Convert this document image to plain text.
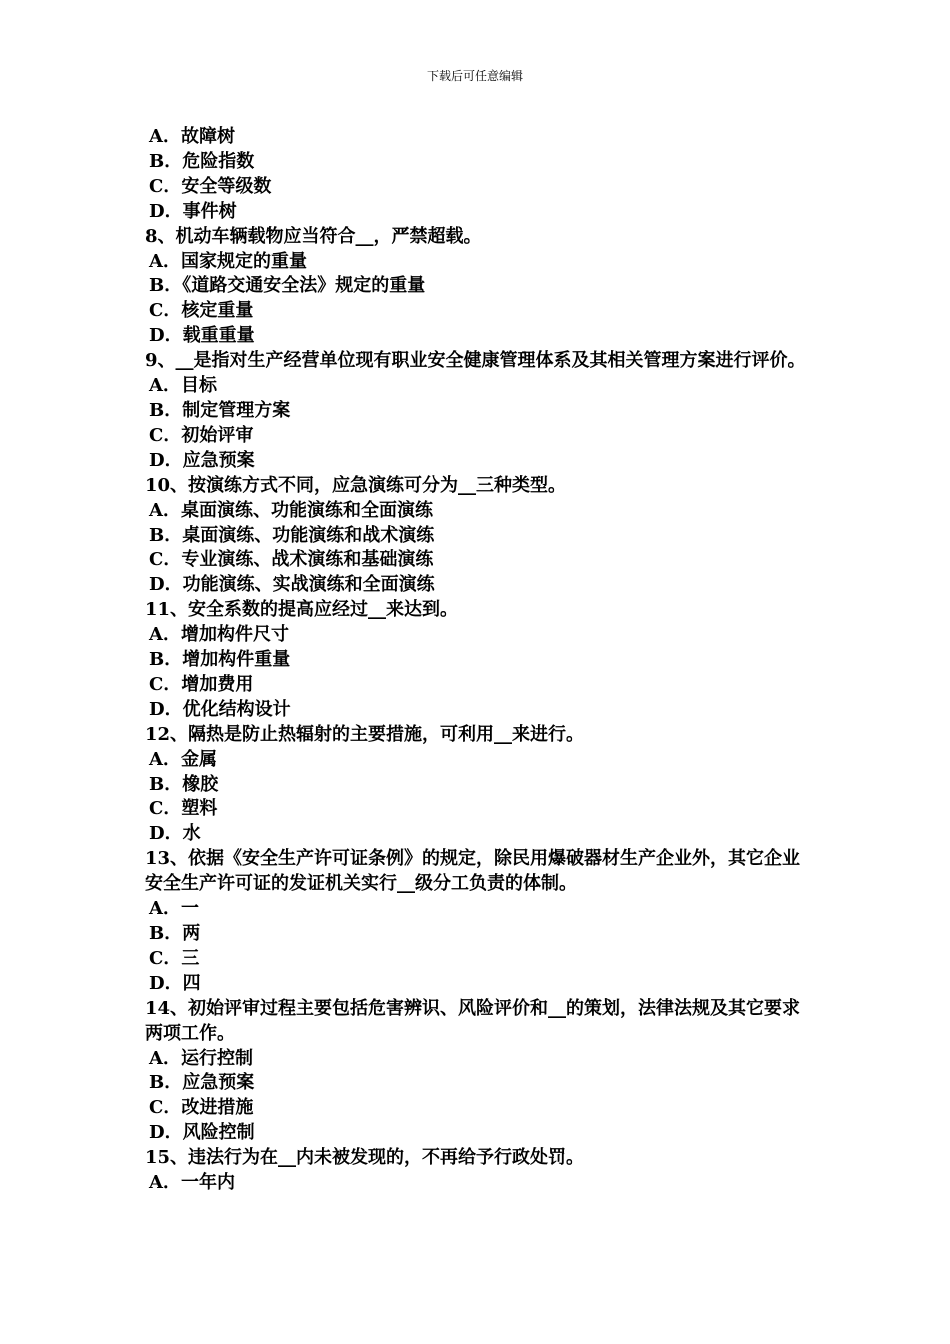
下载后可任意编辑
A．故障树
B．危险指数
C．安全等级数
D．事件树
8、机动车辆载物应当符合__，严禁超载。
A．国家规定的重量
B．《道路交通安全法》规定的重量
C．核定重量
D．载重重量
9、__是指对生产经营单位现有职业安全健康管理体系及其相关管理方案进行评价。
A．目标
B．制定管理方案
C．初始评审
D．应急预案
10、按演练方式不同，应急演练可分为__三种类型。
A．桌面演练、功能演练和全面演练
B．桌面演练、功能演练和战术演练
C．专业演练、战术演练和基础演练
D．功能演练、实战演练和全面演练
11、安全系数的提高应经过__来达到。
A．增加构件尺寸
B．增加构件重量
C．增加费用
D．优化结构设计
12、隔热是防止热辐射的主要措施，可利用__来进行。
A．金属
B．橡胶
C．塑料
D．水
13、依据《安全生产许可证条例》的规定，除民用爆破器材生产企业外，其它企业安全生产许可证的发证机关实行__级分工负责的体制。
A．一
B．两
C．三
D．四
14、初始评审过程主要包括危害辨识、风险评价和__的策划，法律法规及其它要求两项工作。
A．运行控制
B．应急预案
C．改进措施
D．风险控制
15、违法行为在__内未被发现的，不再给予行政处罚。
A．一年内
